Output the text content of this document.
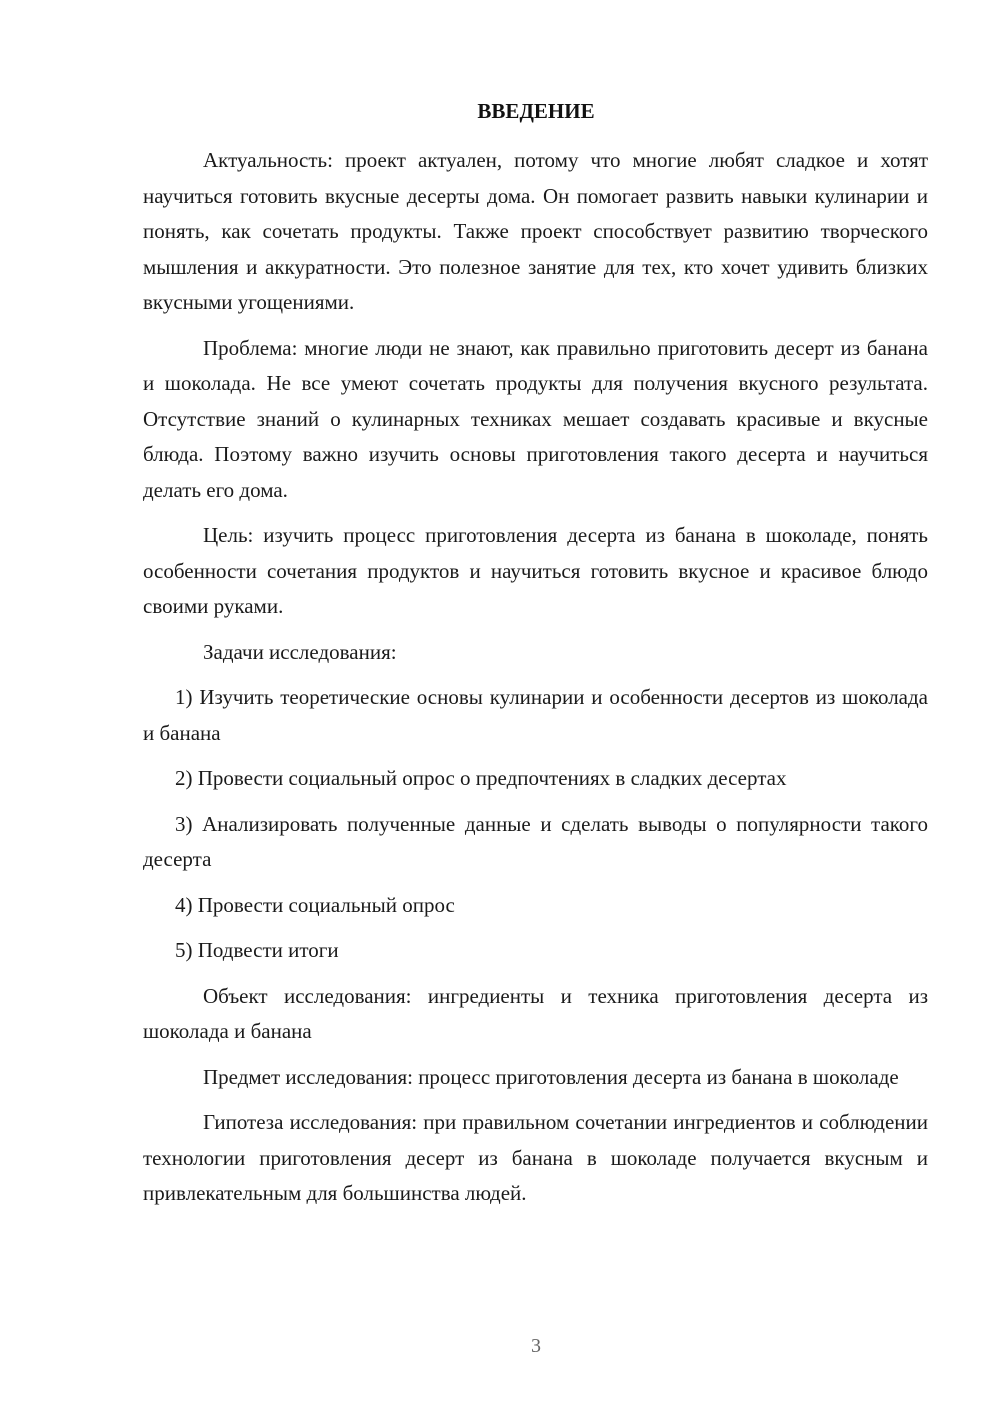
ВВЕДЕНИЕ

Актуальность: проект актуален, потому что многие любят сладкое и хотят научиться готовить вкусные десерты дома. Он помогает развить навыки кулинарии и понять, как сочетать продукты. Также проект способствует развитию творческого мышления и аккуратности. Это полезное занятие для тех, кто хочет удивить близких вкусными угощениями.

Проблема: многие люди не знают, как правильно приготовить десерт из банана и шоколада. Не все умеют сочетать продукты для получения вкусного результата. Отсутствие знаний о кулинарных техниках мешает создавать красивые и вкусные блюда. Поэтому важно изучить основы приготовления такого десерта и научиться делать его дома.

Цель: изучить процесс приготовления десерта из банана в шоколаде, понять особенности сочетания продуктов и научиться готовить вкусное и красивое блюдо своими руками.

Задачи исследования:

1) Изучить теоретические основы кулинарии и особенности десертов из шоколада и банана

2) Провести социальный опрос о предпочтениях в сладких десертах

3) Анализировать полученные данные и сделать выводы о популярности такого десерта

4) Провести социальный опрос

5) Подвести итоги

Объект исследования: ингредиенты и техника приготовления десерта из шоколада и банана

Предмет исследования: процесс приготовления десерта из банана в шоколаде

Гипотеза исследования: при правильном сочетании ингредиентов и соблюдении технологии приготовления десерт из банана в шоколаде получается вкусным и привлекательным для большинства людей.

3
